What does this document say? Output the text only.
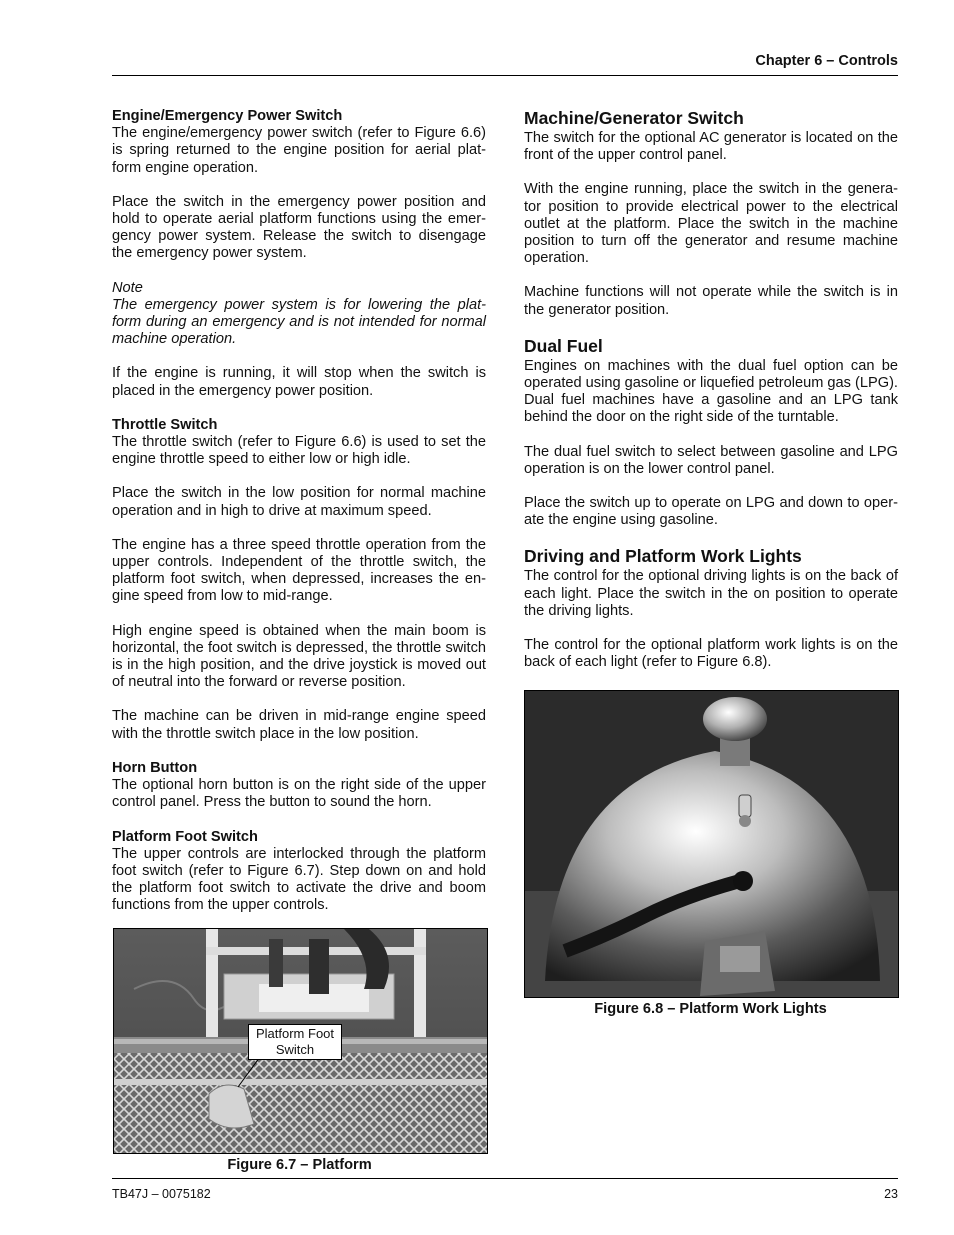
Chapter 6 – Controls
Engine/Emergency Power Switch

The engine/emergency power switch (refer to Figure 6.6) is spring returned to the engine position for aerial plat-form engine operation.

Place the switch in the emergency power position and hold to operate aerial platform functions using the emer-gency power system. Release the switch to disengage the emergency power system.

Note

The emergency power system is for lowering the plat-form during an emergency and is not intended for normal machine operation.

If the engine is running, it will stop when the switch is placed in the emergency power position.

Throttle Switch

The throttle switch (refer to Figure 6.6) is used to set the engine throttle speed to either low or high idle.

Place the switch in the low position for normal machine operation and in high to drive at maximum speed.

The engine has a three speed throttle operation from the upper controls. Independent of the throttle switch, the platform foot switch, when depressed, increases the en-gine speed from low to mid-range.

High engine speed is obtained when the main boom is horizontal, the foot switch is depressed, the throttle switch is in the high position, and the drive joystick is moved out of neutral into the forward or reverse position.

The machine can be driven in mid-range engine speed with the throttle switch place in the low position.

Horn Button

The optional horn button is on the right side of the upper control panel. Press the button to sound the horn.

Platform Foot Switch

The upper controls are interlocked through the platform foot switch (refer to Figure 6.7). Step down on and hold the platform foot switch to activate the drive and boom functions from the upper controls.

Machine/Generator Switch

The switch for the optional AC generator is located on the front of the upper control panel.

With the engine running, place the switch in the genera-tor position to provide electrical power to the electrical outlet at the platform. Place the switch in the machine position to turn off the generator and resume machine operation.

Machine functions will not operate while the switch is in the generator position.

Dual Fuel

Engines on machines with the dual fuel option can be operated using gasoline or liquefied petroleum gas (LPG). Dual fuel machines have a gasoline and an LPG tank behind the door on the right side of the turntable.

The dual fuel switch to select between gasoline and LPG operation is on the lower control panel.

Place the switch up to operate on LPG and down to oper-ate the engine using gasoline.

Driving and Platform Work Lights

The control for the optional driving lights is on the back of each light. Place the switch in the on position to operate the driving lights.

The control for the optional platform work lights is on the back of each light (refer to Figure 6.8).

Platform Foot
Switch
Figure 6.7 – Platform
Figure 6.8 – Platform Work Lights
TB47J – 0075182	23
